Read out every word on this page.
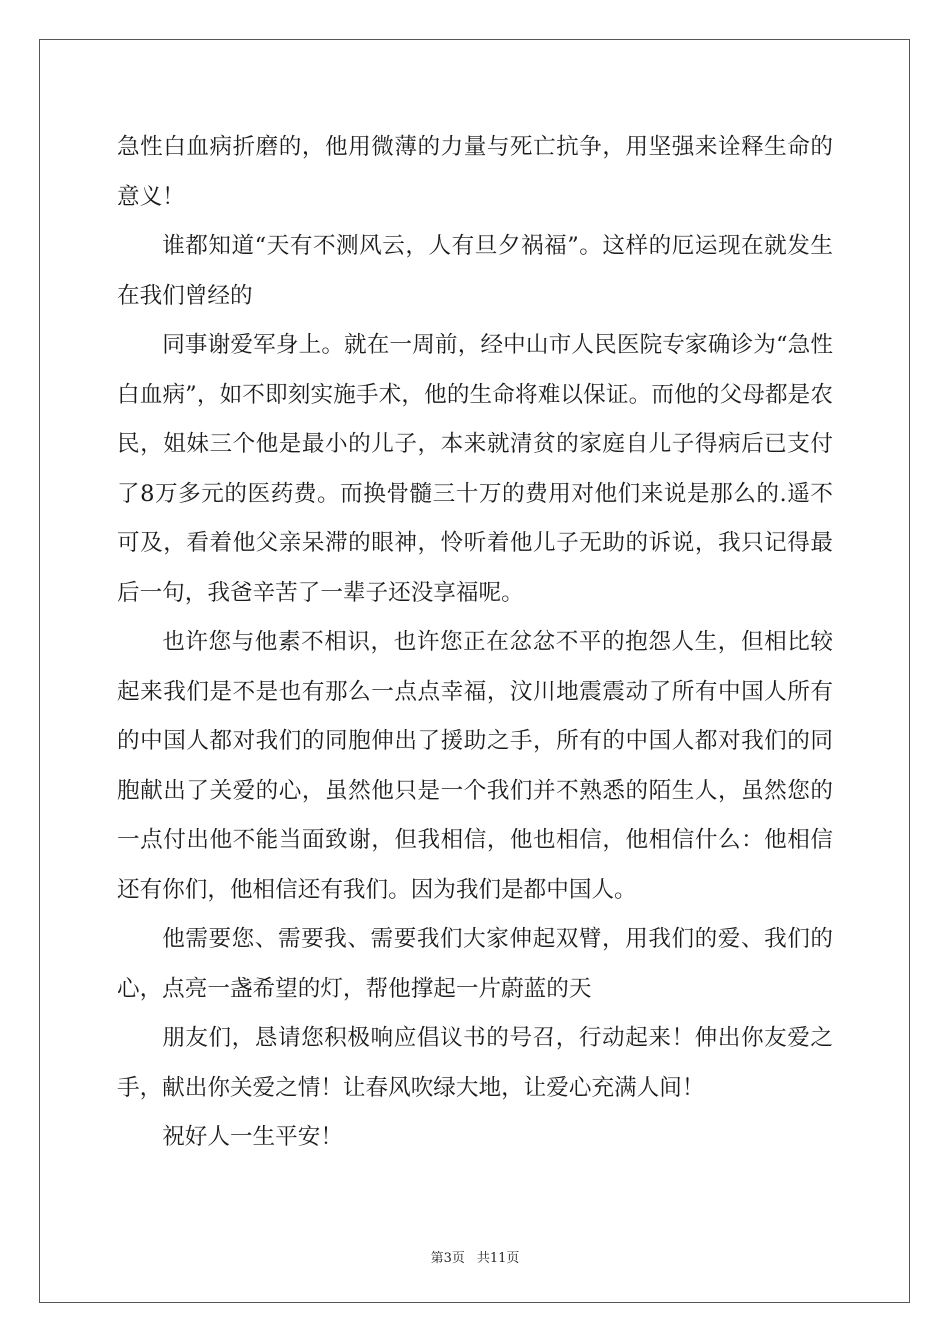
急性白血病折磨的，他用微薄的力量与死亡抗争，用坚强来诠释生命的意义！

谁都知道“天有不测风云，人有旦夕祸福”。这样的厄运现在就发生在我们曾经的

同事谢爱军身上。就在一周前，经中山市人民医院专家确诊为“急性白血病”，如不即刻实施手术，他的生命将难以保证。而他的父母都是农民，姐妹三个他是最小的儿子，本来就清贫的家庭自儿子得病后已支付了8万多元的医药费。而换骨髓三十万的费用对他们来说是那么的.遥不可及，看着他父亲呆滞的眼神，怜听着他儿子无助的诉说，我只记得最后一句，我爸辛苦了一辈子还没享福呢。

也许您与他素不相识，也许您正在忿忿不平的抱怨人生，但相比较起来我们是不是也有那么一点点幸福，汶川地震震动了所有中国人所有的中国人都对我们的同胞伸出了援助之手，所有的中国人都对我们的同胞献出了关爱的心，虽然他只是一个我们并不熟悉的陌生人，虽然您的一点付出他不能当面致谢，但我相信，他也相信，他相信什么：他相信还有你们，他相信还有我们。因为我们是都中国人。

他需要您、需要我、需要我们大家伸起双臂，用我们的爱、我们的心，点亮一盏希望的灯，帮他撑起一片蔚蓝的天

朋友们，恳请您积极响应倡议书的号召，行动起来！伸出你友爱之手，献出你关爱之情！让春风吹绿大地，让爱心充满人间！

祝好人一生平安！

第3页 共11页
